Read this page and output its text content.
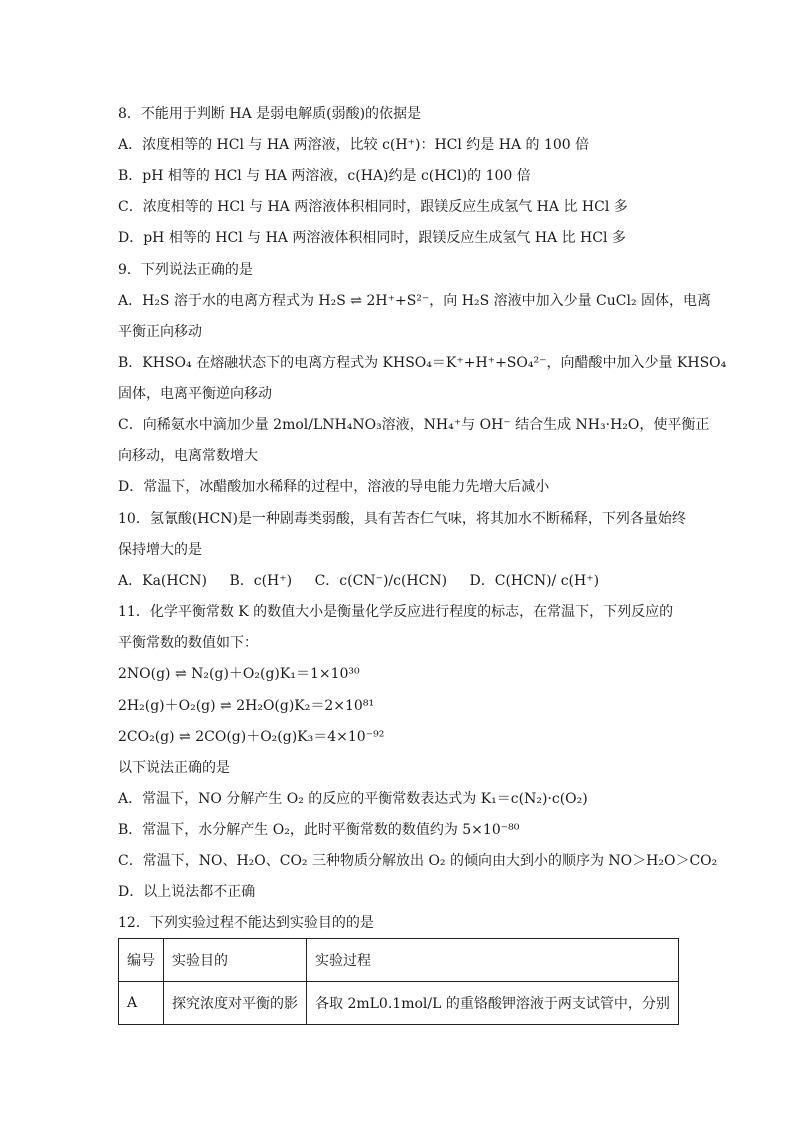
8．不能用于判断 HA 是弱电解质(弱酸)的依据是
A．浓度相等的 HCl 与 HA 两溶液，比较 c(H⁺)：HCl 约是 HA 的 100 倍
B．pH 相等的 HCl 与 HA 两溶液，c(HA)约是 c(HCl)的 100 倍
C．浓度相等的 HCl 与 HA 两溶液体积相同时，跟镁反应生成氢气 HA 比 HCl 多
D．pH 相等的 HCl 与 HA 两溶液体积相同时，跟镁反应生成氢气 HA 比 HCl 多
9．下列说法正确的是
A．H₂S 溶于水的电离方程式为 H₂S ⇌ 2H⁺+S²⁻，向 H₂S 溶液中加入少量 CuCl₂ 固体，电离
平衡正向移动
B．KHSO₄ 在熔融状态下的电离方程式为 KHSO₄＝K⁺+H⁺+SO₄²⁻，向醋酸中加入少量 KHSO₄
固体，电离平衡逆向移动
C．向稀氨水中滴加少量 2mol/LNH₄NO₃溶液，NH₄⁺与 OH⁻ 结合生成 NH₃·H₂O，使平衡正
向移动，电离常数增大
D．常温下，冰醋酸加水稀释的过程中，溶液的导电能力先增大后减小
10．氢氰酸(HCN)是一种剧毒类弱酸，具有苦杏仁气味，将其加水不断稀释，下列各量始终
保持增大的是
A．Ka(HCN) B．c(H⁺) C．c(CN⁻)/c(HCN) D．C(HCN)/ c(H⁺)
11．化学平衡常数 K 的数值大小是衡量化学反应进行程度的标志，在常温下，下列反应的
平衡常数的数值如下：
2NO(g) ⇌ N₂(g)＋O₂(g)K₁＝1×10³⁰
2H₂(g)＋O₂(g) ⇌ 2H₂O(g)K₂＝2×10⁸¹
2CO₂(g) ⇌ 2CO(g)＋O₂(g)K₃＝4×10⁻⁹²
以下说法正确的是
A．常温下，NO 分解产生 O₂ 的反应的平衡常数表达式为 K₁＝c(N₂)·c(O₂)
B．常温下，水分解产生 O₂，此时平衡常数的数值约为 5×10⁻⁸⁰
C．常温下，NO、H₂O、CO₂ 三种物质分解放出 O₂ 的倾向由大到小的顺序为 NO＞H₂O＞CO₂
D．以上说法都不正确
12．下列实验过程不能达到实验目的的是
编号	实验目的	实验过程
A	探究浓度对平衡的影	各取 2mL0.1mol/L 的重铬酸钾溶液于两支试管中，分别
